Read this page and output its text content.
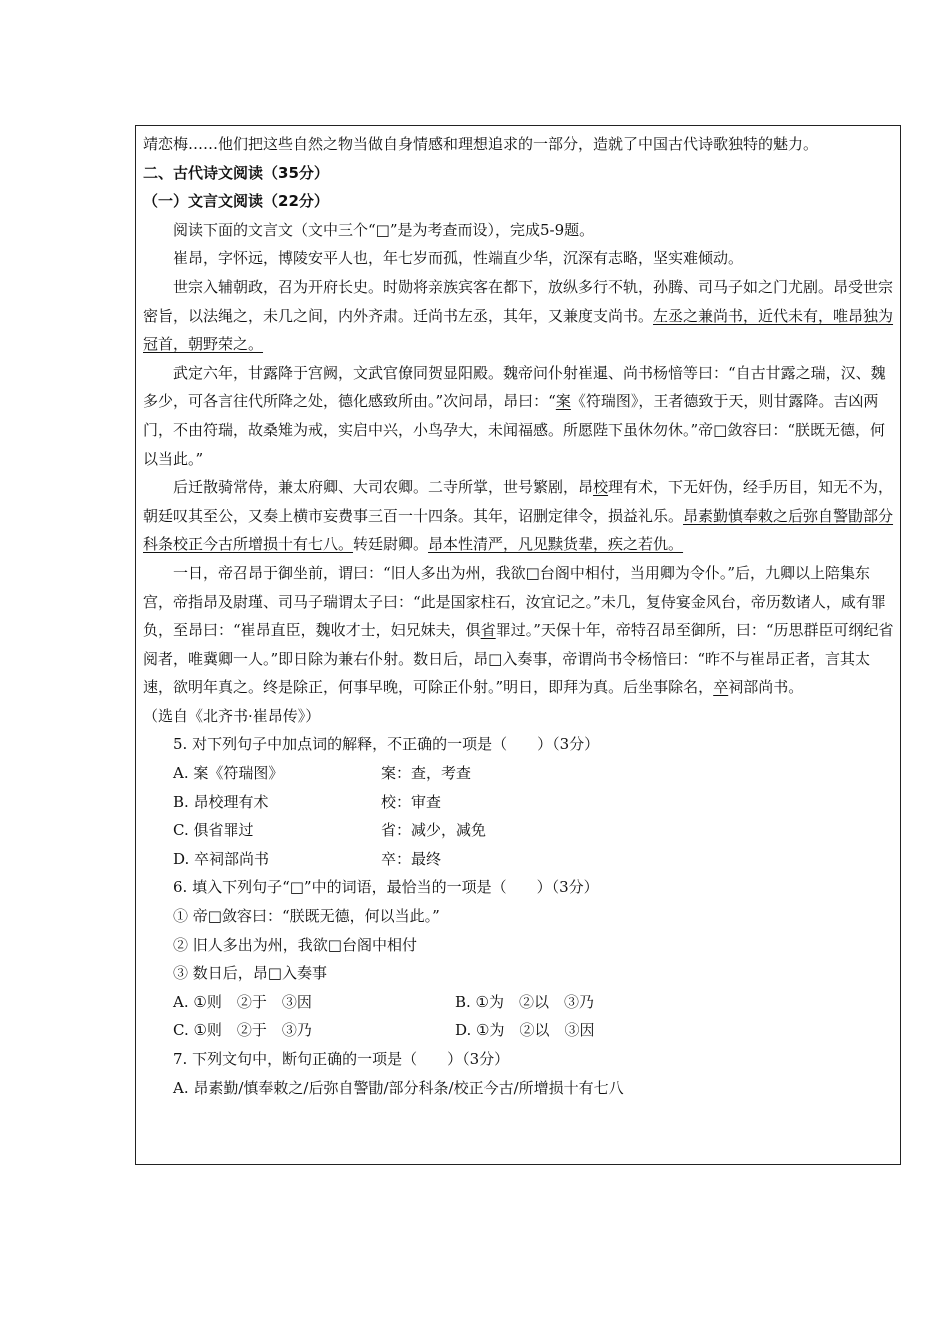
靖恋梅……他们把这些自然之物当做自身情感和理想追求的一部分，造就了中国古代诗歌独特的魅力。

二、古代诗文阅读（35分）

（一）文言文阅读（22分）

阅读下面的文言文（文中三个“□”是为考查而设），完成5-9题。

崔昂，字怀远，博陵安平人也，年七岁而孤，性端直少华，沉深有志略，坚实难倾动。

世宗入辅朝政，召为开府长史。时勋将亲族宾客在都下，放纵多行不轨，孙腾、司马子如之门尤剧。昂受世宗密旨，以法绳之，未几之间，内外齐肃。迁尚书左丞，其年，又兼度支尚书。左丞之兼尚书，近代未有，唯昂独为冠首，朝野荣之。

武定六年，甘露降于宫阙，文武官僚同贺显阳殿。魏帝问仆射崔暹、尚书杨愔等曰：“自古甘露之瑞，汉、魏多少，可各言往代所降之处，德化感致所由。”次问昂，昂曰：“案《符瑞图》，王者德致于天，则甘露降。吉凶两门，不由符瑞，故桑雉为戒，实启中兴，小鸟孕大，未闻福感。所愿陛下虽休勿休。”帝□敛容曰：“朕既无德，何以当此。”

后迁散骑常侍，兼太府卿、大司农卿。二寺所掌，世号繁剧，昂校理有术，下无奸伪，经手历目，知无不为，朝廷叹其至公，又奏上横市妄费事三百一十四条。其年，诏删定律令，损益礼乐。昂素勤慎奉敕之后弥自警勖部分科条校正今古所增损十有七八。转廷尉卿。昂本性清严，凡见黩货辈，疾之若仇。

一日，帝召昂于御坐前，谓曰：“旧人多出为州，我欲□台阁中相付，当用卿为令仆。”后，九卿以上陪集东宫，帝指昂及尉瑾、司马子瑞谓太子曰：“此是国家柱石，汝宜记之。”未几，复侍宴金风台，帝历数诸人，咸有罪负，至昂曰：“崔昂直臣，魏收才士，妇兄妹夫，俱省罪过。”天保十年，帝特召昂至御所，曰：“历思群臣可纲纪省阅者，唯冀卿一人。”即日除为兼右仆射。数日后，昂□入奏事，帝谓尚书令杨愔曰：“昨不与崔昂正者，言其太速，欲明年真之。终是除正，何事早晚，可除正仆射。”明日，即拜为真。后坐事除名，卒祠部尚书。

（选自《北齐书·崔昂传》）

5. 对下列句子中加点词的解释，不正确的一项是（　　）（3分）

A. 案《符瑞图》	案：查，考查
B. 昂校理有术	校：审查
C. 俱省罪过	省：减少，减免
D. 卒祠部尚书	卒：最终

6. 填入下列句子“□”中的词语，最恰当的一项是（　　）（3分）

① 帝□敛容曰：“朕既无德，何以当此。”

② 旧人多出为州，我欲□台阁中相付

③ 数日后，昂□入奏事

A. ①则　②于　③因	B. ①为　②以　③乃
C. ①则　②于　③乃	D. ①为　②以　③因

7. 下列文句中，断句正确的一项是（　　）（3分）

A. 昂素勤/慎奉敕之/后弥自警勖/部分科条/校正今古/所增损十有七八
